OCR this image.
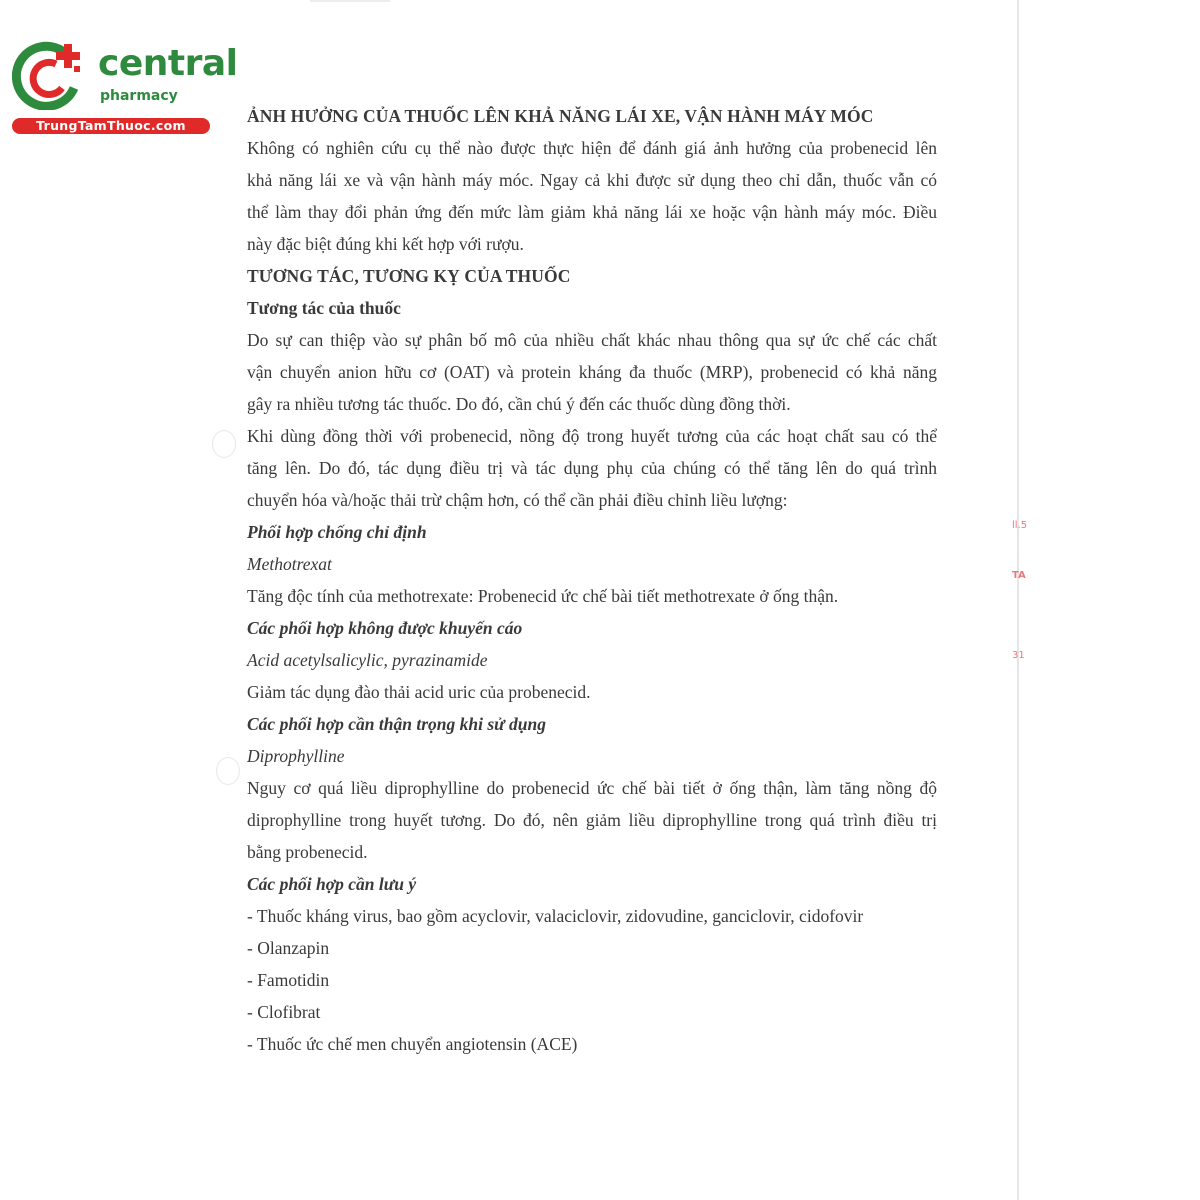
ll.5
TA
31
central
pharmacy
TrungTamThuoc.com	ẢNH HƯỞNG CỦA THUỐC LÊN KHẢ NĂNG LÁI XE, VẬN HÀNH MÁY MÓC
Không có nghiên cứu cụ thể nào được thực hiện để đánh giá ảnh hưởng của probenecid lên
khả năng lái xe và vận hành máy móc. Ngay cả khi được sử dụng theo chỉ dẫn, thuốc vẫn có
thể làm thay đổi phản ứng đến mức làm giảm khả năng lái xe hoặc vận hành máy móc. Điều
này đặc biệt đúng khi kết hợp với rượu.
TƯƠNG TÁC, TƯƠNG KỴ CỦA THUỐC
Tương tác của thuốc
Do sự can thiệp vào sự phân bố mô của nhiều chất khác nhau thông qua sự ức chế các chất
vận chuyển anion hữu cơ (OAT) và protein kháng đa thuốc (MRP), probenecid có khả năng
gây ra nhiều tương tác thuốc. Do đó, cần chú ý đến các thuốc dùng đồng thời.
Khi dùng đồng thời với probenecid, nồng độ trong huyết tương của các hoạt chất sau có thể
tăng lên. Do đó, tác dụng điều trị và tác dụng phụ của chúng có thể tăng lên do quá trình
chuyển hóa và/hoặc thải trừ chậm hơn, có thể cần phải điều chỉnh liều lượng:
Phối hợp chống chỉ định
Methotrexat
Tăng độc tính của methotrexate: Probenecid ức chế bài tiết methotrexate ở ống thận.
Các phối hợp không được khuyến cáo
Acid acetylsalicylic, pyrazinamide
Giảm tác dụng đào thải acid uric của probenecid.
Các phối hợp cần thận trọng khi sử dụng
Diprophylline
Nguy cơ quá liều diprophylline do probenecid ức chế bài tiết ở ống thận, làm tăng nồng độ
diprophylline trong huyết tương. Do đó, nên giảm liều diprophylline trong quá trình điều trị
bằng probenecid.
Các phối hợp cần lưu ý
- Thuốc kháng virus, bao gồm acyclovir, valaciclovir, zidovudine, ganciclovir, cidofovir
- Olanzapin
- Famotidin
- Clofibrat
- Thuốc ức chế men chuyển angiotensin (ACE)
